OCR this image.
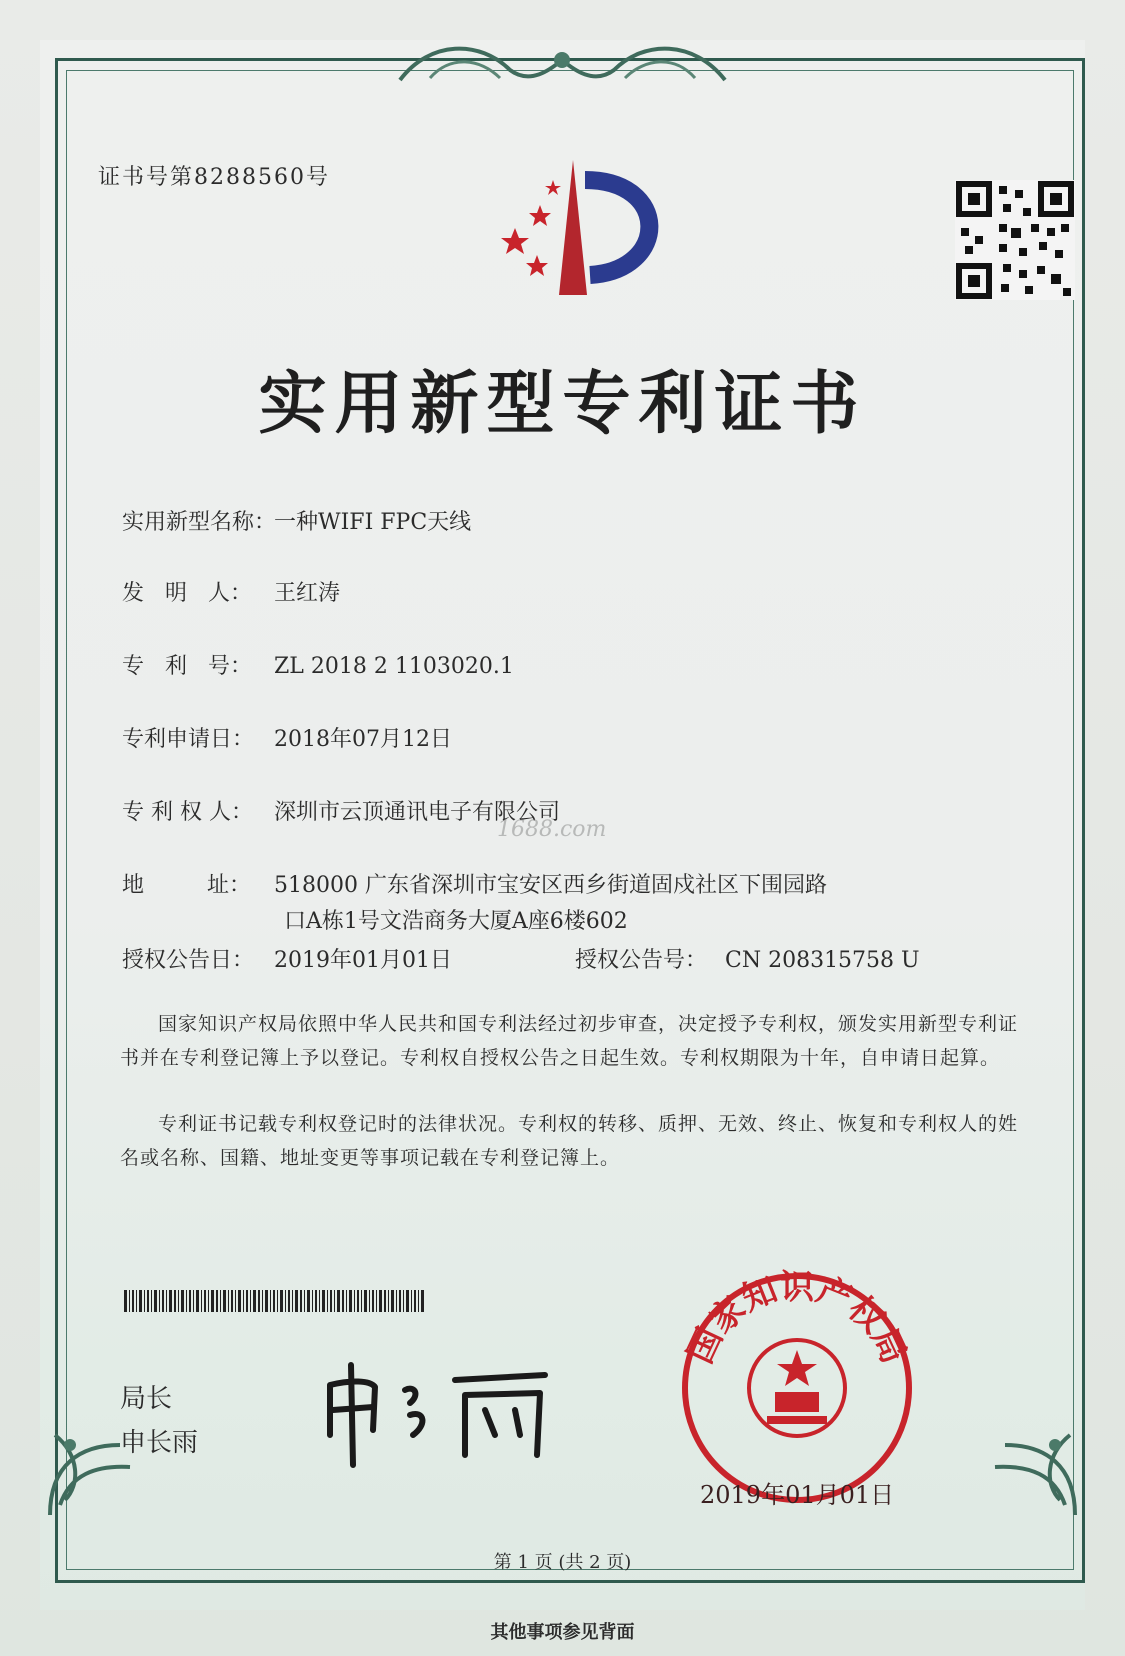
证书号第8288560号
实用新型专利证书
实用新型名称：一种WIFI FPC天线
发   明   人： 王红涛
专   利   号： ZL 2018 2 1103020.1
专利申请日： 2018年07月12日
专 利 权 人： 深圳市云顶通讯电子有限公司
1688.com
地         址： 518000 广东省深圳市宝安区西乡街道固戍社区下围园路
口A栋1号文浩商务大厦A座6楼602
授权公告日： 2019年01月01日	授权公告号： CN 208315758 U
国家知识产权局依照中华人民共和国专利法经过初步审查，决定授予专利权，颁发实用新型专利证书并在专利登记簿上予以登记。专利权自授权公告之日起生效。专利权期限为十年，自申请日起算。
专利证书记载专利权登记时的法律状况。专利权的转移、质押、无效、终止、恢复和专利权人的姓名或名称、国籍、地址变更等事项记载在专利登记簿上。
局长
申长雨
国家知识产权局
2019年01月01日
第 1 页 (共 2 页)
其他事项参见背面
